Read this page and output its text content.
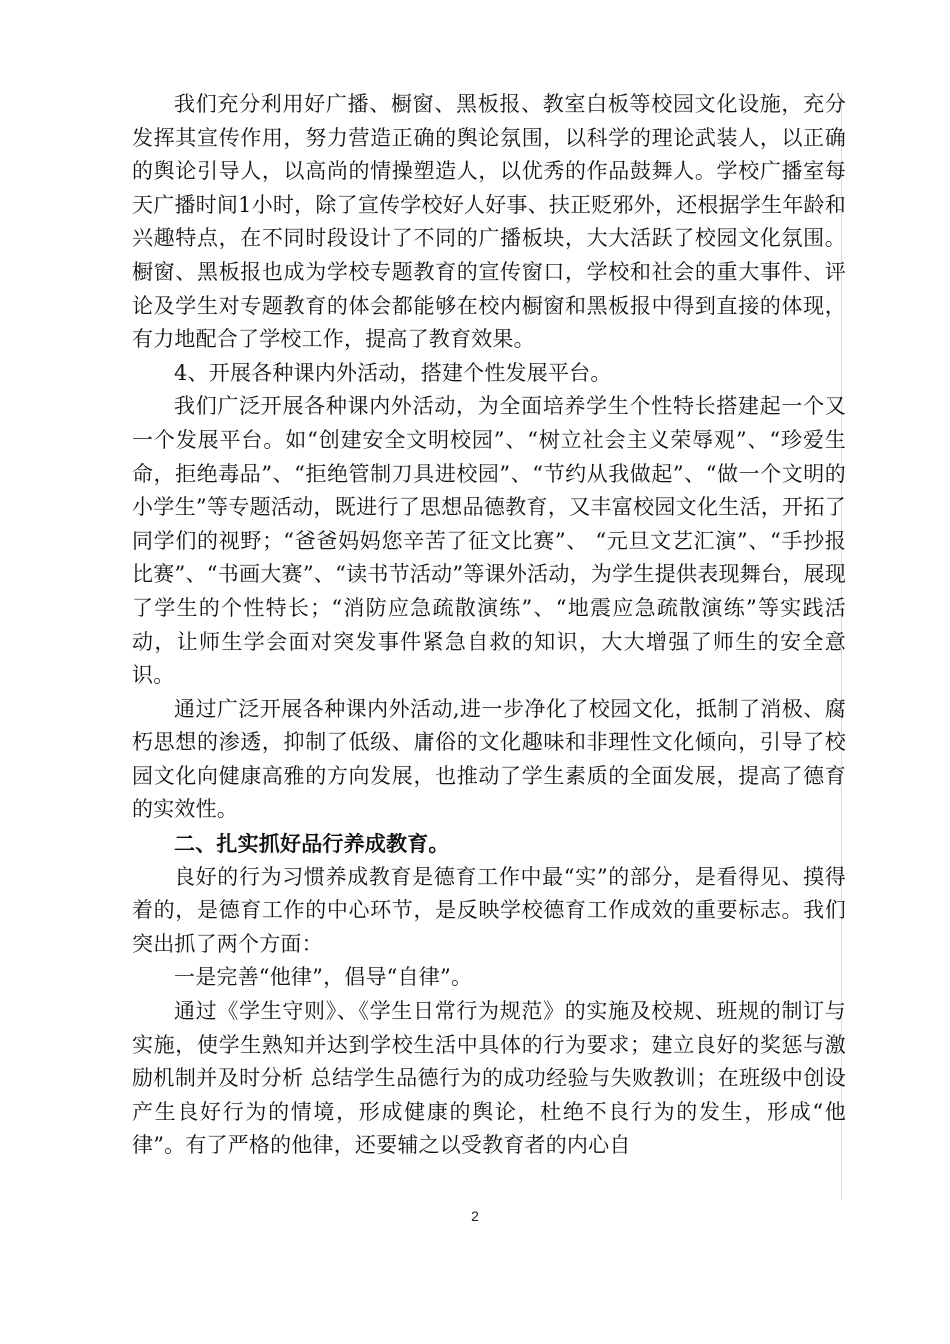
我们充分利用好广播、橱窗、黑板报、教室白板等校园文化设施，充分发挥其宣传作用，努力营造正确的舆论氛围，以科学的理论武装人，以正确的舆论引导人，以高尚的情操塑造人，以优秀的作品鼓舞人。学校广播室每天广播时间1小时，除了宣传学校好人好事、扶正贬邪外，还根据学生年龄和兴趣特点，在不同时段设计了不同的广播板块，大大活跃了校园文化氛围。橱窗、黑板报也成为学校专题教育的宣传窗口，学校和社会的重大事件、评论及学生对专题教育的体会都能够在校内橱窗和黑板报中得到直接的体现，有力地配合了学校工作，提高了教育效果。

4、开展各种课内外活动，搭建个性发展平台。

我们广泛开展各种课内外活动，为全面培养学生个性特长搭建起一个又一个发展平台。如“创建安全文明校园”、“树立社会主义荣辱观”、“珍爱生命，拒绝毒品”、“拒绝管制刀具进校园”、“节约从我做起”、“做一个文明的小学生”等专题活动，既进行了思想品德教育，又丰富校园文化生活，开拓了同学们的视野；“爸爸妈妈您辛苦了征文比赛”、 “元旦文艺汇演”、“手抄报比赛”、“书画大赛”、“读书节活动”等课外活动，为学生提供表现舞台，展现了学生的个性特长；“消防应急疏散演练”、“地震应急疏散演练”等实践活动，让师生学会面对突发事件紧急自救的知识，大大增强了师生的安全意识。

通过广泛开展各种课内外活动,进一步净化了校园文化，抵制了消极、腐朽思想的渗透，抑制了低级、庸俗的文化趣味和非理性文化倾向，引导了校园文化向健康高雅的方向发展，也推动了学生素质的全面发展，提高了德育的实效性。

二、扎实抓好品行养成教育。

良好的行为习惯养成教育是德育工作中最“实”的部分，是看得见、摸得着的，是德育工作的中心环节，是反映学校德育工作成效的重要标志。我们突出抓了两个方面：

一是完善“他律”，倡导“自律”。

通过《学生守则》、《学生日常行为规范》的实施及校规、班规的制订与实施，使学生熟知并达到学校生活中具体的行为要求；建立良好的奖惩与激励机制并及时分析 总结学生品德行为的成功经验与失败教训；在班级中创设产生良好行为的情境，形成健康的舆论，杜绝不良行为的发生，形成“他律”。有了严格的他律，还要辅之以受教育者的内心自

2
